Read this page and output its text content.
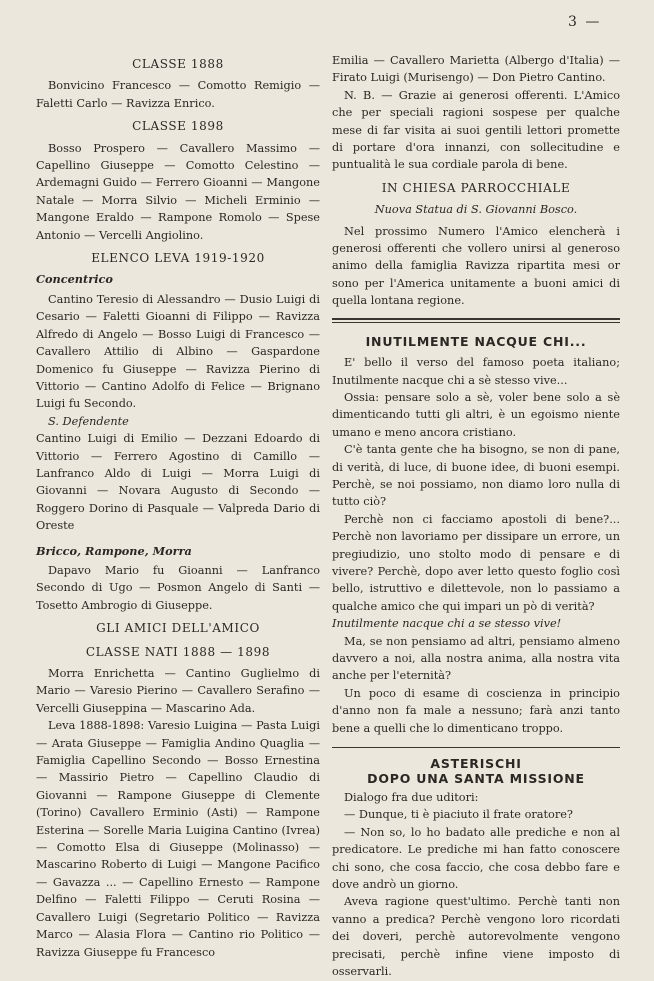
3 —
CLASSE 1888

Bonvicino Francesco — Comotto Remigio — Faletti Carlo — Ravizza Enrico.

CLASSE 1898

Bosso Prospero — Cavallero Massimo — Capellino Giuseppe — Comotto Celestino — Ardemagni Guido — Ferrero Gioanni — Mangone Natale — Morra Silvio — Micheli Erminio — Mangone Eraldo — Rampone Romolo — Spese Antonio — Vercelli Angiolino.

ELENCO LEVA 1919-1920
Concentrico

Cantino Teresio di Alessandro — Dusio Luigi di Cesario — Faletti Gioanni di Filippo — Ravizza Alfredo di Angelo — Bosso Luigi di Francesco — Cavallero Attilio di Albino — Gaspardone Domenico fu Giuseppe — Ravizza Pierino di Vittorio — Cantino Adolfo di Felice — Brignano Luigi fu Secondo.

S. Defendente

Cantino Luigi di Emilio — Dezzani Edoardo di Vittorio — Ferrero Agostino di Camillo — Lanfranco Aldo di Luigi — Morra Luigi di Giovanni — Novara Augusto di Secondo — Roggero Dorino di Pasquale — Valpreda Dario di Oreste

Bricco, Rampone, Morra

Dapavo Mario fu Gioanni — Lanfranco Secondo di Ugo — Posmon Angelo di Santi — Tosetto Ambrogio di Giuseppe.

GLI AMICI DELL'AMICO
CLASSE NATI 1888 — 1898

Morra Enrichetta — Cantino Guglielmo di Mario — Varesio Pierino — Cavallero Serafino — Vercelli Giuseppina — Mascarino Ada.

Leva 1888-1898: Varesio Luigina — Pasta Luigi — Arata Giuseppe — Famiglia Andino Quaglia — Famiglia Capellino Secondo — Bosso Ernestina — Massirio Pietro — Capellino Claudio di Giovanni — Rampone Giuseppe di Clemente (Torino) Cavallero Erminio (Asti) — Rampone Esterina — Sorelle Maria Luigina Cantino (Ivrea) — Comotto Elsa di Giuseppe (Molinasso) — Mascarino Roberto di Luigi — Mangone Pacifico — Gavazza ... — Capellino Ernesto — Rampone Delfino — Faletti Filippo — Ceruti Rosina — Cavallero Luigi (Segretario Politico — Ravizza Marco — Alasia Flora — Cantino rio Politico — Ravizza Giuseppe fu Francesco

Emilia — Cavallero Marietta (Albergo d'Italia) — Firato Luigi (Murisengo) — Don Pietro Cantino.

N. B. — Grazie ai generosi offerenti. L'Amico che per speciali ragioni sospese per qualche mese di far visita ai suoi gentili lettori promette di portare d'ora innanzi, con sollecitudine e puntualità le sua cordiale parola di bene.

IN CHIESA PARROCCHIALE
Nuova Statua di S. Giovanni Bosco.

Nel prossimo Numero l'Amico elencherà i generosi offerenti che vollero unirsi al generoso animo della famiglia Ravizza ripartita mesi or sono per l'America unitamente a buoni amici di quella lontana regione.

INUTILMENTE NACQUE CHI...

E' bello il verso del famoso poeta italiano; Inutilmente nacque chi a sè stesso vive...

Ossia: pensare solo a sè, voler bene solo a sè dimenticando tutti gli altri, è un egoismo niente umano e meno ancora cristiano.

C'è tanta gente che ha bisogno, se non di pane, di verità, di luce, di buone idee, di buoni esempi. Perchè, se noi possiamo, non diamo loro nulla di tutto ciò?

Perchè non ci facciamo apostoli di bene?... Perchè non lavoriamo per dissipare un errore, un pregiudizio, uno stolto modo di pensare e di vivere? Perchè, dopo aver letto questo foglio così bello, istruttivo e dilettevole, non lo passiamo a qualche amico che qui impari un pò di verità?

Inutilmente nacque chi a se stesso vive!

Ma, se non pensiamo ad altri, pensiamo almeno davvero a noi, alla nostra anima, alla nostra vita anche per l'eternità?

Un poco di esame di coscienza in principio d'anno non fa male a nessuno; farà anzi tanto bene a quelli che lo dimenticano troppo.

ASTERISCHI
DOPO UNA SANTA MISSIONE

Dialogo fra due uditori:

— Dunque, ti è piaciuto il frate oratore?

— Non so, lo ho badato alle prediche e non al predicatore. Le prediche mi han fatto conoscere chi sono, che cosa faccio, che cosa debbo fare e dove andrò un giorno.

Aveva ragione quest'ultimo. Perchè tanti non vanno a predica? Perchè vengono loro ricordati dei doveri, perchè autorevolmente vengono precisati, perchè infine viene imposto di osservarli.
